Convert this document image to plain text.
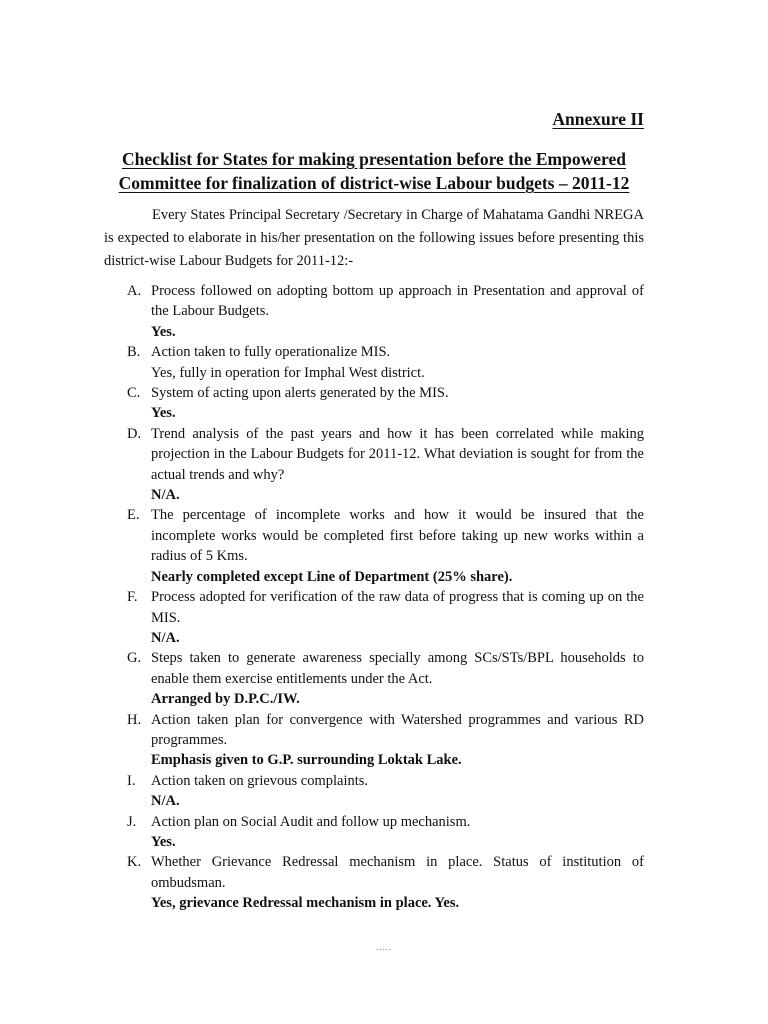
Annexure II
Checklist for States for making presentation before the Empowered
Committee for finalization of district-wise Labour budgets – 2011-12

Every States Principal Secretary /Secretary in Charge of Mahatama Gandhi NREGA is expected to elaborate in his/her presentation on the following issues before presenting this district-wise Labour Budgets for 2011-12:-

A. Process followed on adopting bottom up approach in Presentation and approval of the Labour Budgets.
Yes.
B. Action taken to fully operationalize MIS.
Yes, fully in operation for Imphal West district.
C. System of acting upon alerts generated by the MIS.
Yes.
D. Trend analysis of the past years and how it has been correlated while making projection in the Labour Budgets for 2011-12. What deviation is sought for from the actual trends and why?
N/A.
E. The percentage of incomplete works and how it would be insured that the incomplete works would be completed first before taking up new works within a radius of 5 Kms.
Nearly completed except Line of Department (25% share).
F. Process adopted for verification of the raw data of progress that is coming up on the MIS.
N/A.
G. Steps taken to generate awareness specially among SCs/STs/BPL households to enable them exercise entitlements under the Act.
Arranged by D.P.C./IW.
H. Action taken plan for convergence with Watershed programmes and various RD programmes.
Emphasis given to G.P. surrounding Loktak Lake.
I. Action taken on grievous complaints.
N/A.
J. Action plan on Social Audit and follow up mechanism.
Yes.
K. Whether Grievance Redressal mechanism in place. Status of institution of ombudsman.
Yes, grievance Redressal mechanism in place. Yes.
…..
